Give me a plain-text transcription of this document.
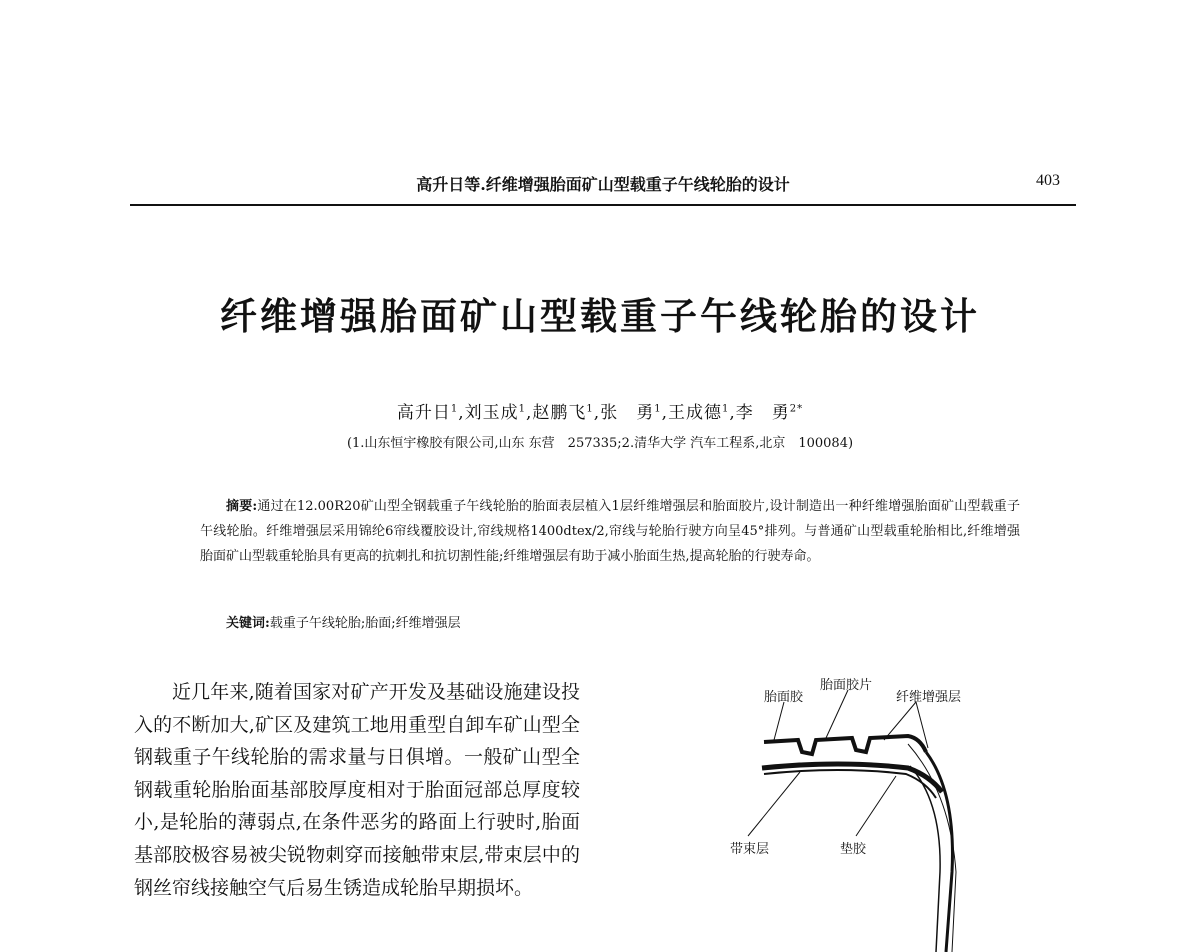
高升日等.纤维增强胎面矿山型载重子午线轮胎的设计	403
纤维增强胎面矿山型载重子午线轮胎的设计
高升日$^1$,刘玉成$^1$,赵鹏飞$^1$,张　勇$^1$,王成德$^1$,李　勇$^{2*}$
(1.山东恒宇橡胶有限公司,山东 东营　257335;2.清华大学 汽车工程系,北京　100084)

摘要:通过在12.00R20矿山型全钢载重子午线轮胎的胎面表层植入1层纤维增强层和胎面胶片,设计制造出一种纤维增强胎面矿山型载重子午线轮胎。纤维增强层采用锦纶6帘线覆胶设计,帘线规格1400dtex/2,帘线与轮胎行驶方向呈45°排列。与普通矿山型载重轮胎相比,纤维增强胎面矿山型载重轮胎具有更高的抗刺扎和抗切割性能;纤维增强层有助于减小胎面生热,提高轮胎的行驶寿命。

关键词:载重子午线轮胎;胎面;纤维增强层

近几年来,随着国家对矿产开发及基础设施建设投入的不断加大,矿区及建筑工地用重型自卸车矿山型全钢载重子午线轮胎的需求量与日俱增。一般矿山型全钢载重轮胎胎面基部胶厚度相对于胎面冠部总厚度较小,是轮胎的薄弱点,在条件恶劣的路面上行驶时,胎面基部胶极容易被尖锐物刺穿而接触带束层,带束层中的钢丝帘线接触空气后易生锈造成轮胎早期损坏。

胎面胶
胎面胶片
纤维增强层
带束层	垫胶
